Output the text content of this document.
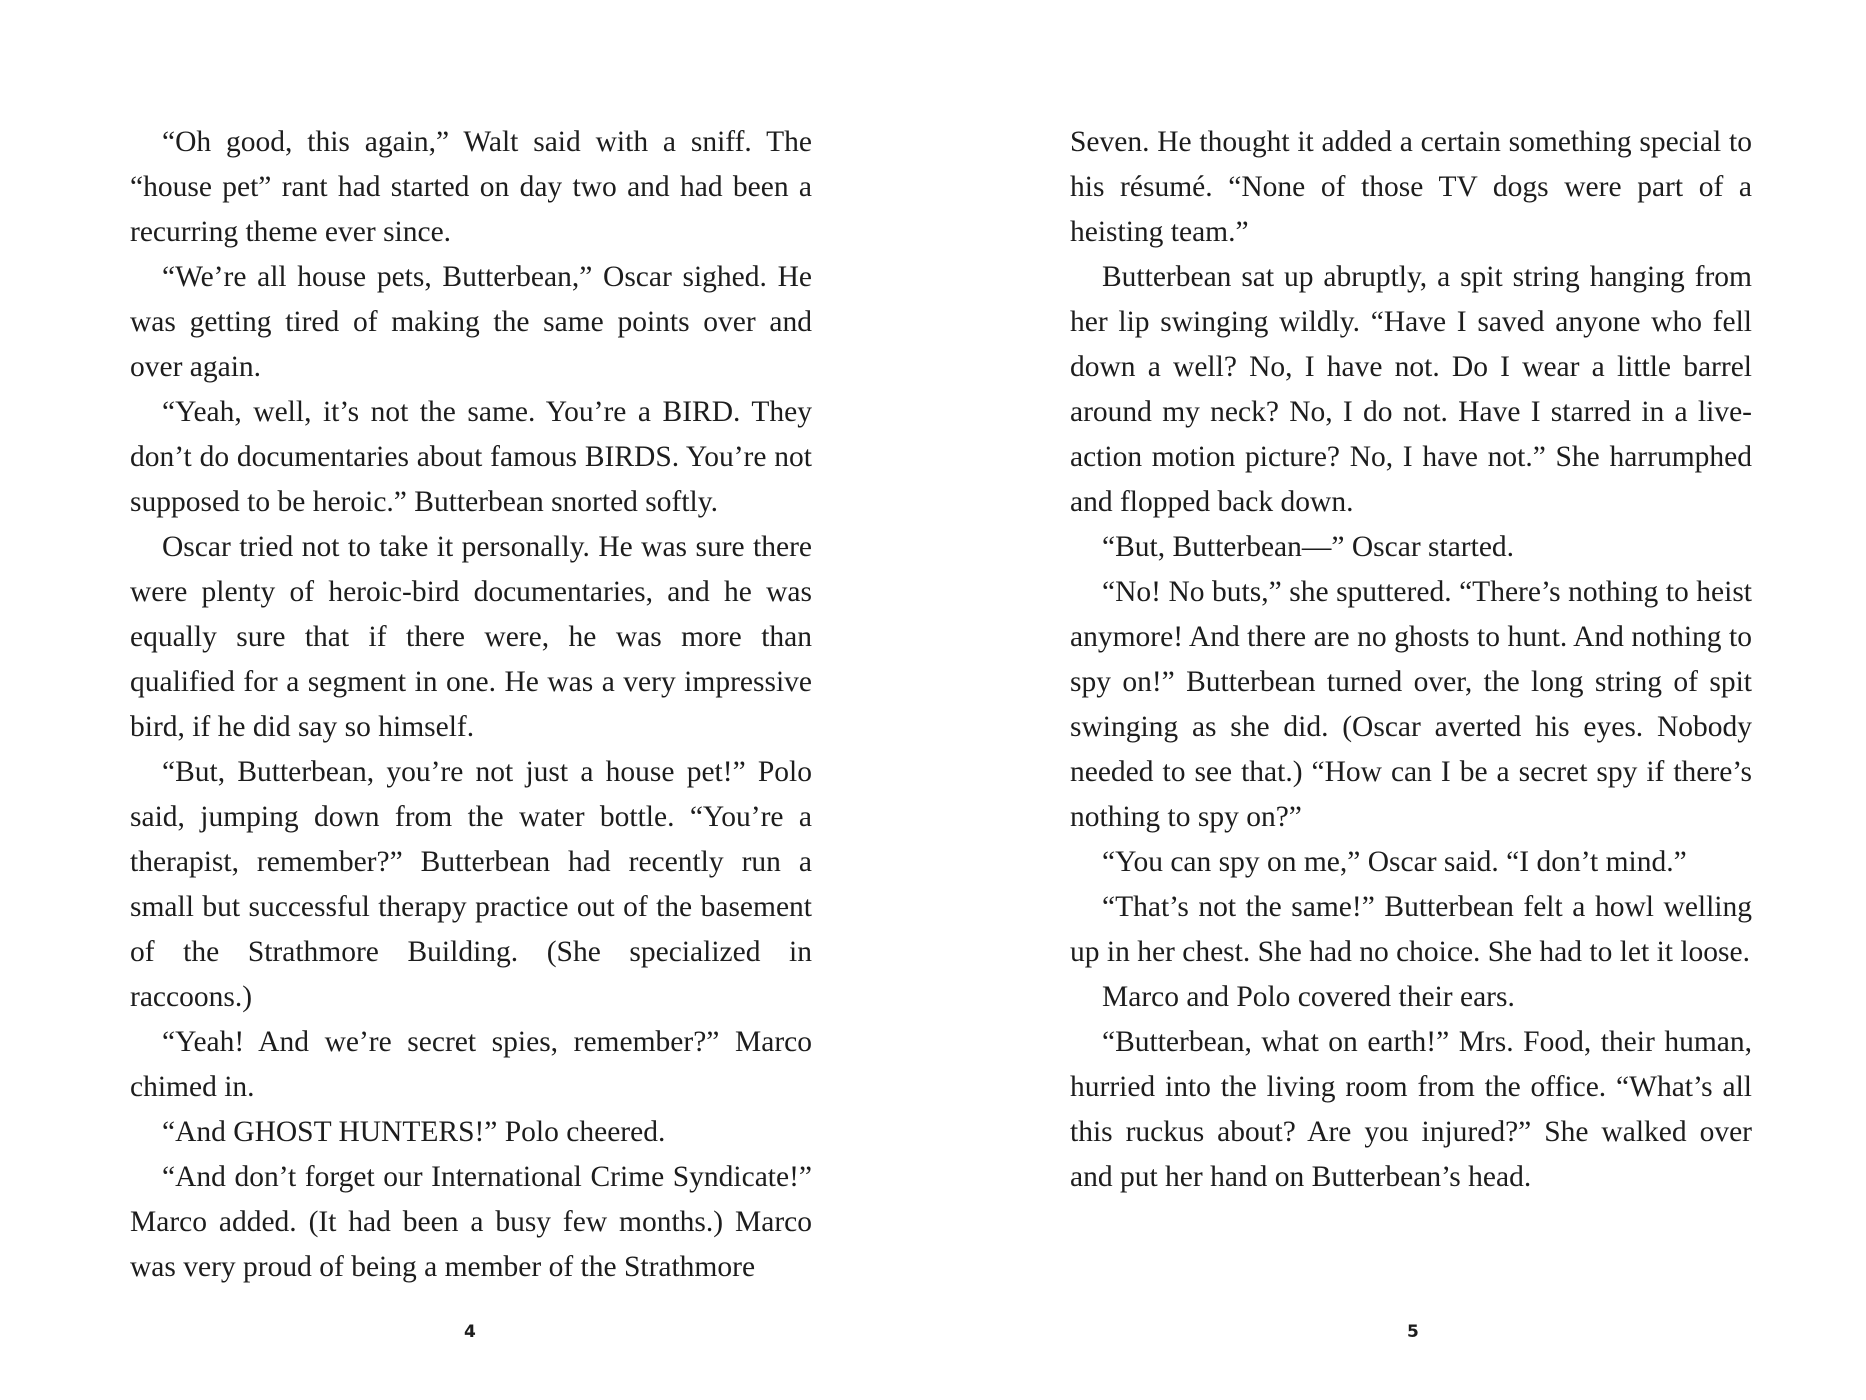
“Oh good, this again,” Walt said with a sniff. The “house pet” rant had started on day two and had been a recurring theme ever since.

“We’re all house pets, Butterbean,” Oscar sighed. He was getting tired of making the same points over and over again.

“Yeah, well, it’s not the same. You’re a BIRD. They don’t do documentaries about famous BIRDS. You’re not supposed to be heroic.” Butterbean snorted softly.

Oscar tried not to take it personally. He was sure there were plenty of heroic-bird documentaries, and he was equally sure that if there were, he was more than qualified for a segment in one. He was a very impressive bird, if he did say so himself.

“But, Butterbean, you’re not just a house pet!” Polo said, jumping down from the water bottle. “You’re a therapist, remember?” Butterbean had recently run a small but successful therapy practice out of the basement of the Strathmore Building. (She specialized in raccoons.)

“Yeah! And we’re secret spies, remember?” Marco chimed in.

“And GHOST HUNTERS!” Polo cheered.

“And don’t forget our International Crime Syndicate!” Marco added. (It had been a busy few months.) Marco was very proud of being a member of the Strathmore

4

Seven. He thought it added a certain something special to his résumé. “None of those TV dogs were part of a heisting team.”

Butterbean sat up abruptly, a spit string hanging from her lip swinging wildly. “Have I saved anyone who fell down a well? No, I have not. Do I wear a little barrel around my neck? No, I do not. Have I starred in a live-action motion picture? No, I have not.” She harrumphed and flopped back down.

“But, Butterbean—” Oscar started.

“No! No buts,” she sputtered. “There’s nothing to heist anymore! And there are no ghosts to hunt. And nothing to spy on!” Butterbean turned over, the long string of spit swinging as she did. (Oscar averted his eyes. Nobody needed to see that.) “How can I be a secret spy if there’s nothing to spy on?”

“You can spy on me,” Oscar said. “I don’t mind.”

“That’s not the same!” Butterbean felt a howl welling up in her chest. She had no choice. She had to let it loose.

Marco and Polo covered their ears.

“Butterbean, what on earth!” Mrs. Food, their human, hurried into the living room from the office. “What’s all this ruckus about? Are you injured?” She walked over and put her hand on Butterbean’s head.

5
